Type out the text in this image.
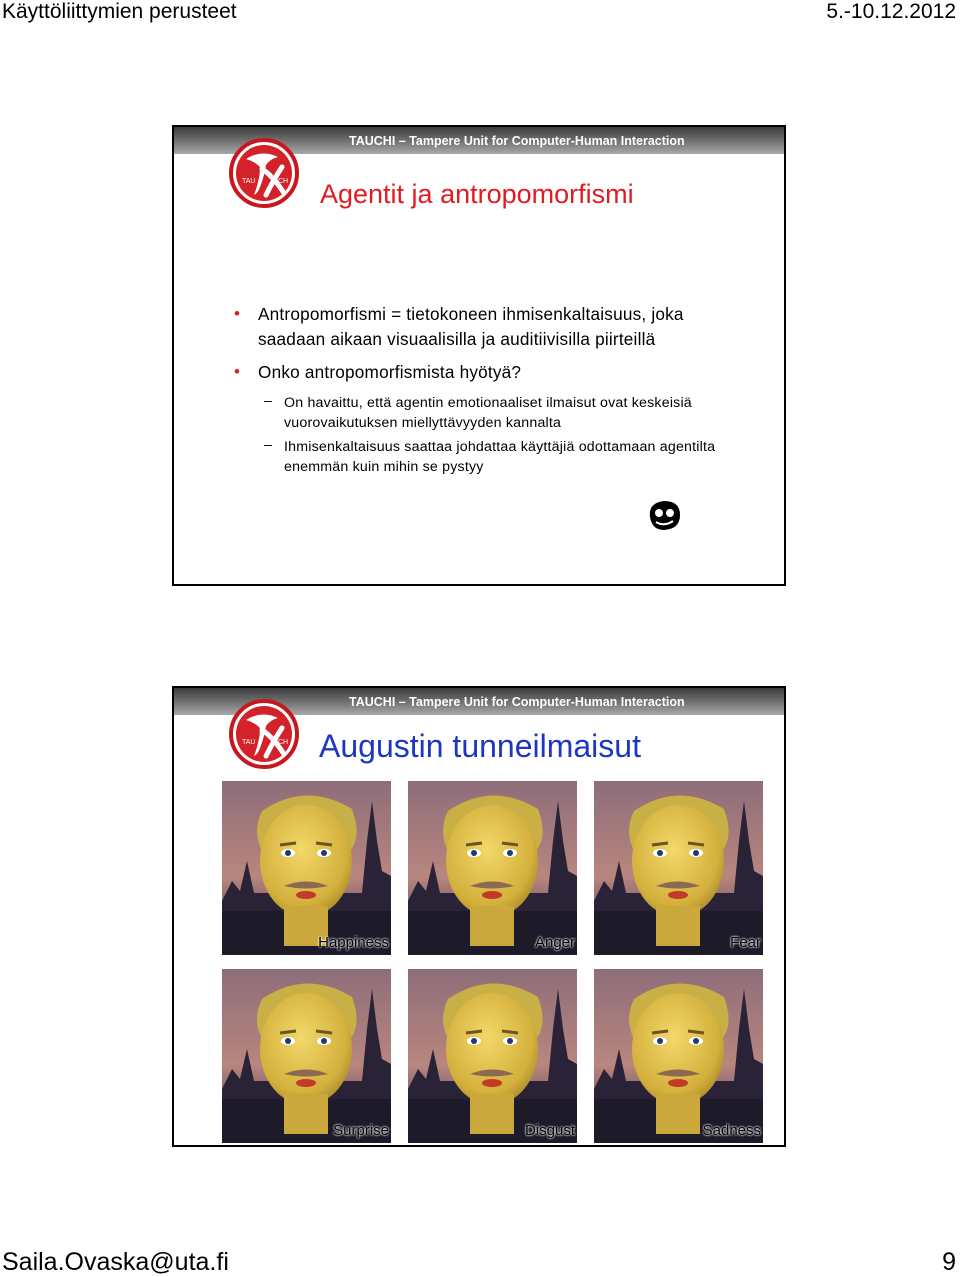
Käyttöliittymien perusteet	5.-10.12.2012
TAUCHI – Tampere Unit for Computer-Human Interaction
TAU	CH Agentit ja antropomorfismi
• Antropomorfismi = tietokoneen ihmisenkaltaisuus, joka saadaan aikaan visuaalisilla ja auditiivisilla piirteillä
• Onko antropomorfismista hyötyä?
– On havaittu, että agentin emotionaaliset ilmaisut ovat keskeisiä vuorovaikutuksen miellyttävyyden kannalta
– Ihmisenkaltaisuus saattaa johdattaa käyttäjiä odottamaan agentilta enemmän kuin mihin se pystyy
TAUCHI – Tampere Unit for Computer-Human Interaction
TAU	CH Augustin tunneilmaisut
Happiness	Anger	Fear
Surprise	Disgust	Sadness
Saila.Ovaska@uta.fi	9
